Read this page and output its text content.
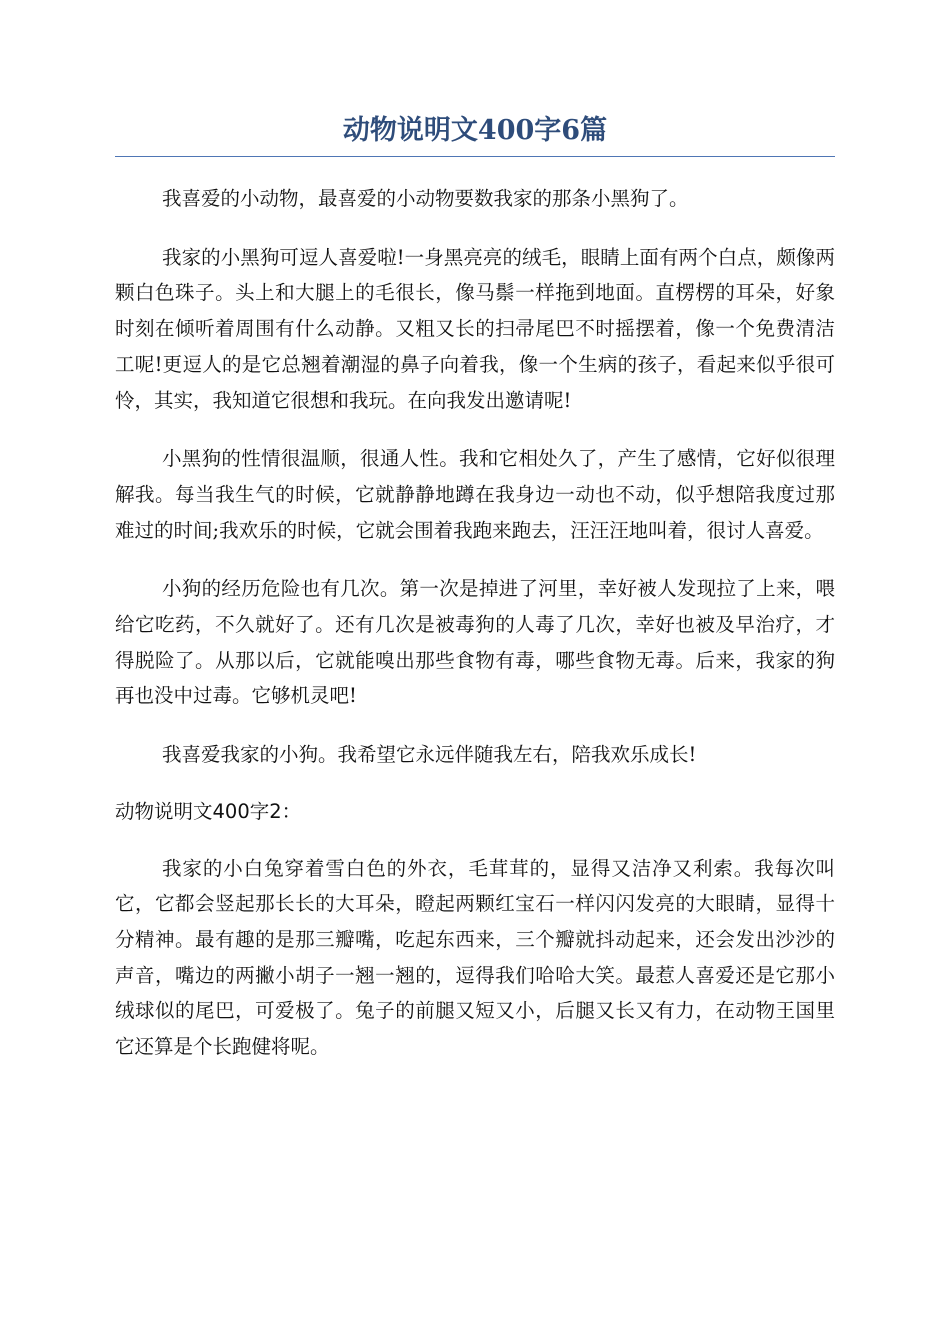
动物说明文400字6篇

我喜爱的小动物，最喜爱的小动物要数我家的那条小黑狗了。

我家的小黑狗可逗人喜爱啦!一身黑亮亮的绒毛，眼睛上面有两个白点，颇像两颗白色珠子。头上和大腿上的毛很长，像马鬃一样拖到地面。直楞楞的耳朵，好象时刻在倾听着周围有什么动静。又粗又长的扫帚尾巴不时摇摆着，像一个免费清洁工呢!更逗人的是它总翘着潮湿的鼻子向着我，像一个生病的孩子，看起来似乎很可怜，其实，我知道它很想和我玩。在向我发出邀请呢!

小黑狗的性情很温顺，很通人性。我和它相处久了，产生了感情，它好似很理解我。每当我生气的时候，它就静静地蹲在我身边一动也不动，似乎想陪我度过那难过的时间;我欢乐的时候，它就会围着我跑来跑去，汪汪汪地叫着，很讨人喜爱。

小狗的经历危险也有几次。第一次是掉进了河里，幸好被人发现拉了上来，喂给它吃药，不久就好了。还有几次是被毒狗的人毒了几次，幸好也被及早治疗，才得脱险了。从那以后，它就能嗅出那些食物有毒，哪些食物无毒。后来，我家的狗再也没中过毒。它够机灵吧!

我喜爱我家的小狗。我希望它永远伴随我左右，陪我欢乐成长!

动物说明文400字2：

我家的小白兔穿着雪白色的外衣，毛茸茸的，显得又洁净又利索。我每次叫它，它都会竖起那长长的大耳朵，瞪起两颗红宝石一样闪闪发亮的大眼睛，显得十分精神。最有趣的是那三瓣嘴，吃起东西来，三个瓣就抖动起来，还会发出沙沙的声音，嘴边的两撇小胡子一翘一翘的，逗得我们哈哈大笑。最惹人喜爱还是它那小绒球似的尾巴，可爱极了。兔子的前腿又短又小，后腿又长又有力，在动物王国里它还算是个长跑健将呢。
